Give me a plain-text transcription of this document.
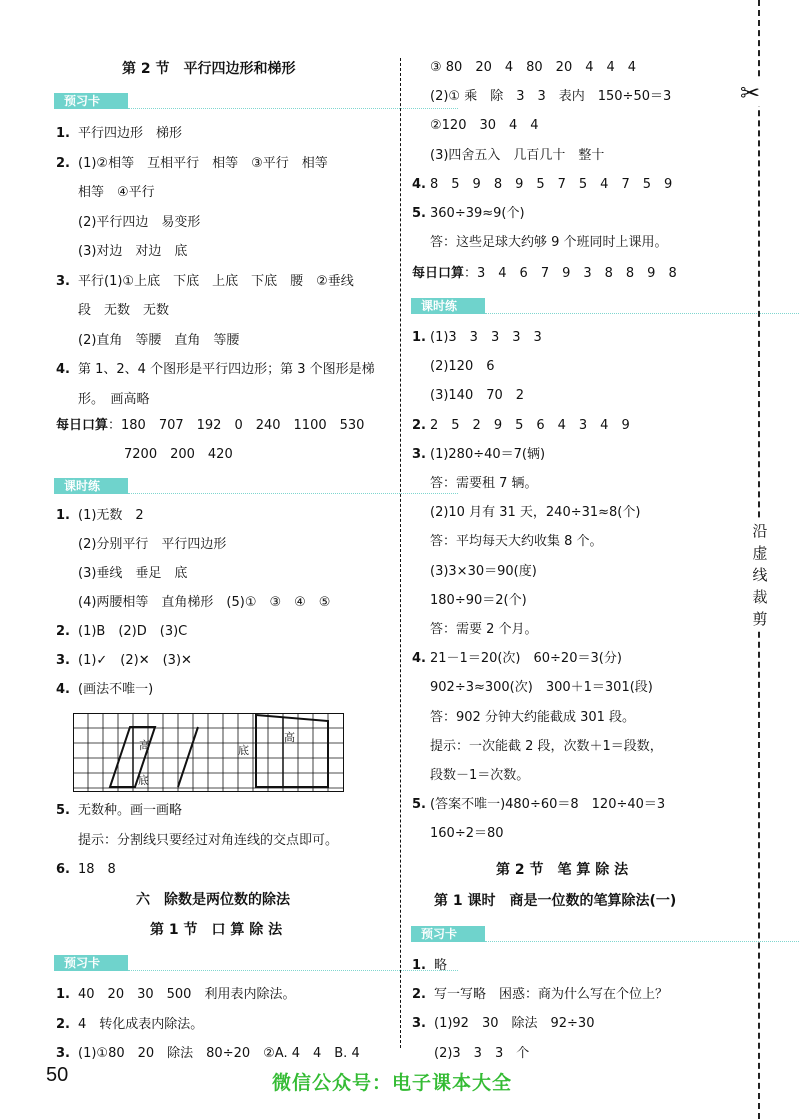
第 2 节　平行四边形和梯形
预习卡
1. 平行四边形　梯形
2. (1)②相等　互相平行　相等　③平行　相等
相等　④平行
(2)平行四边　易变形
(3)对边　对边　底
3. 平行(1)①上底　下底　上底　下底　腰　②垂线
段　无数　无数
(2)直角　等腰　直角　等腰
4. 第 1、2、4 个图形是平行四边形；第 3 个图形是梯
形。　画高略
每日口算：180　707　192　0　240　1100　530
7200　200　420
课时练
1. (1)无数　2
(2)分别平行　平行四边形
(3)垂线　垂足　底
(4)两腰相等　直角梯形　(5)①　③　④　⑤
2. (1)B　(2)D　(3)C
3. (1)✓　(2)✕　(3)✕
4. (画法不唯一)
高
底
底
高
5. 无数种。画一画略
提示：分割线只要经过对角连线的交点即可。
6. 18　8
六　除数是两位数的除法
第 1 节　口 算 除 法
预习卡
1. 40　20　30　500　利用表内除法。
2. 4　转化成表内除法。
3. (1)①80　20　除法　80÷20　②A. 4　4　B. 4
③ 80　20　4　80　20　4　4　4
(2)① 乘　除　3　3　表内　150÷50＝3
②120　30　4　4
(3)四舍五入　几百几十　整十
4. 8　5　9　8　9　5　7　5　4　7　5　9
5. 360÷39≈9(个)
答：这些足球大约够 9 个班同时上课用。
每日口算：3　4　6　7　9　3　8　8　9　8
课时练
1. (1)3　3　3　3　3
(2)120　6
(3)140　70　2
2. 2　5　2　9　5　6　4　3　4　9
3. (1)280÷40＝7(辆)
答：需要租 7 辆。
(2)10 月有 31 天，240÷31≈8(个)
答：平均每天大约收集 8 个。
(3)3×30＝90(度)
180÷90＝2(个)
答：需要 2 个月。
4. 21－1＝20(次)　60÷20＝3(分)
902÷3≈300(次)　300＋1＝301(段)
答：902 分钟大约能截成 301 段。
提示：一次能截 2 段，次数＋1＝段数，
段数－1＝次数。
5. (答案不唯一)480÷60＝8　120÷40＝3
160÷2＝80
第 2 节　笔 算 除 法
第 1 课时　商是一位数的笔算除法(一)
预习卡
1. 略
2. 写一写略　困惑：商为什么写在个位上？
3. (1)92　30　除法　92÷30
(2)3　3　3　个
✂
沿虚线裁剪
50	微信公众号：电子课本大全
